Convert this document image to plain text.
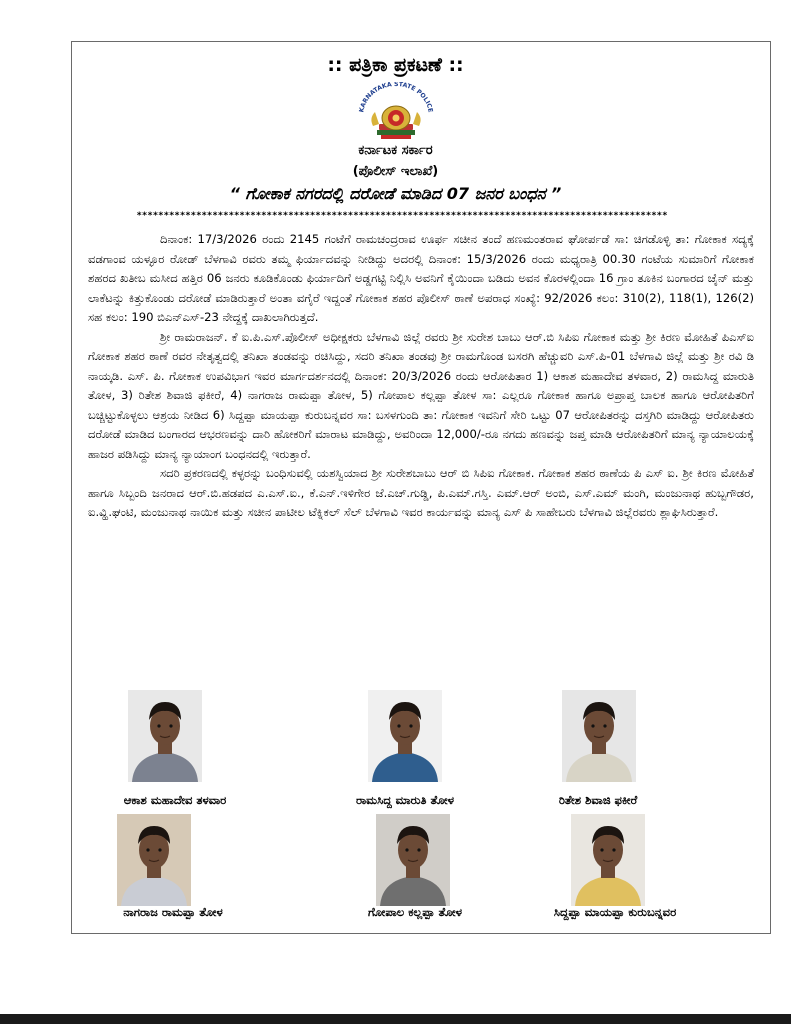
:: ಪತ್ರಿಕಾ ಪ್ರಕಟಣೆ ::
KARNATAKA STATE POLICE
ಕರ್ನಾಟಕ ಸರ್ಕಾರ
(ಪೊಲೀಸ್ ಇಲಾಖೆ)
“ ಗೋಕಾಕ ನಗರದಲ್ಲಿ ದರೋಡೆ ಮಾಡಿದ 07 ಜನರ ಬಂಧನ ”
**************************************************************************************************

ದಿನಾಂಕ: 17/3/2026 ರಂದು 2145 ಗಂಟೆಗೆ ರಾಮಚಂದ್ರರಾವ ಊರ್ಫ ಸಚೀನ ತಂದೆ ಹಣಮಂತರಾವ ಘೋರ್ಪಡೆ ಸಾ: ಚಿಗಡೊಳ್ಳಿ ತಾ: ಗೋಕಾಕ ಸದ್ಯಕ್ಕೆ ವಡಗಾಂವ ಯಳ್ಳೂರ ರೋಡ್ ಬೆಳಗಾವಿ ರವರು ತಮ್ಮ ಫಿರ್ಯಾದವನ್ನು ನೀಡಿದ್ದು ಅದರಲ್ಲಿ ದಿನಾಂಕ: 15/3/2026 ರಂದು ಮಧ್ಯರಾತ್ರಿ 00.30 ಗಂಟೆಯ ಸುಮಾರಿಗೆ ಗೋಕಾಕ ಶಹರದ ಖತೀಬ ಮಸೀದ ಹತ್ತಿರ 06 ಜನರು ಕೂಡಿಕೊಂಡು ಫಿರ್ಯಾದಿಗೆ ಅಡ್ಡಗಟ್ಟಿ ನಿಲ್ಲಿಸಿ ಅವನಿಗೆ ಕೈಯಿಂದಾ ಬಡಿದು ಅವನ ಕೊರಳಲ್ಲಿಂದಾ 16 ಗ್ರಾಂ ತೂಕಿನ ಬಂಗಾರದ ಚೈನ್ ಮತ್ತು ಲಾಕೆಟನ್ನು ಕಿತ್ತುಕೊಂಡು ದರೋಡೆ ಮಾಡಿರುತ್ತಾರೆ ಅಂತಾ ವಗೈರೆ ಇದ್ದಂತೆ ಗೋಕಾಕ ಶಹರ ಪೊಲೀಸ್ ಠಾಣೆ ಅಪರಾಧ ಸಂಖ್ಯೆ: 92/2026 ಕಲಂ: 310(2), 118(1), 126(2) ಸಹ ಕಲಂ: 190 ಬಿಎನ್‌ಎಸ್-23 ನೇದ್ದಕ್ಕೆ ದಾಖಲಾಗಿರುತ್ತದೆ.

ಶ್ರೀ ರಾಮರಾಜನ್. ಕೆ ಐ.ಪಿ.ಎಸ್.ಪೊಲೀಸ್ ಅಧೀಕ್ಷಕರು ಬೆಳಗಾವಿ ಜಿಲ್ಲೆ ರವರು ಶ್ರೀ ಸುರೇಶ ಬಾಬು ಆರ್.ಬಿ ಸಿಪಿಐ ಗೋಕಾಕ ಮತ್ತು ಶ್ರೀ ಕಿರಣ ಮೋಹಿತೆ ಪಿಎಸ್‌ಐ ಗೋಕಾಕ ಶಹರ ಠಾಣೆ ರವರ ನೇತೃತ್ವದಲ್ಲಿ ತನಿಖಾ ತಂಡವನ್ನು ರಚಿಸಿದ್ದು, ಸದರಿ ತನಿಖಾ ತಂಡವು ಶ್ರೀ ರಾಮಗೊಂಡ ಬಸರಗಿ ಹೆಚ್ಚುವರಿ ಎಸ್.ಪಿ-01 ಬೆಳಗಾವಿ ಜಿಲ್ಲೆ ಮತ್ತು ಶ್ರೀ ರವಿ ಡಿ ನಾಯ್ಕಡಿ. ಎಸ್. ಪಿ. ಗೋಕಾಕ ಉಪವಿಭಾಗ ಇವರ ಮಾರ್ಗದರ್ಶನದಲ್ಲಿ ದಿನಾಂಕ: 20/3/2026 ರಂದು ಆರೋಪಿತಾರ 1) ಆಕಾಶ ಮಹಾದೇವ ತಳವಾರ, 2) ರಾಮಸಿದ್ದ ಮಾರುತಿ ತೋಳ, 3) ರಿತೇಶ ಶಿವಾಜಿ ಫಕೀರೆ, 4) ನಾಗರಾಜ ರಾಮಪ್ಪಾ ತೋಳ, 5) ಗೋಪಾಲ ಕಲ್ಲಪ್ಪಾ ತೋಳ ಸಾ: ಎಲ್ಲರೂ ಗೋಕಾಕ ಹಾಗೂ ಅಪ್ರಾಪ್ತ ಬಾಲಕ ಹಾಗೂ ಆರೋಪಿತರಿಗೆ ಬಚ್ಚಿಟ್ಟುಕೊಳ್ಳಲು ಆಶ್ರಯ ನೀಡಿದ 6) ಸಿದ್ದಪ್ಪಾ ಮಾಯಪ್ಪಾ ಕುರುಬನ್ನವರ ಸಾ: ಬಸಳಗುಂದಿ ತಾ: ಗೋಕಾಕ ಇವನಿಗೆ ಸೇರಿ ಒಟ್ಟು 07 ಆರೋಪಿತರನ್ನು ದಸ್ತಗಿರಿ ಮಾಡಿದ್ದು ಆರೋಪಿತರು ದರೋಡೆ ಮಾಡಿದ ಬಂಗಾರದ ಆಭರಣವನ್ನು ದಾರಿ ಹೋಕರಿಗೆ ಮಾರಾಟ ಮಾಡಿದ್ದು, ಅವರಿಂದಾ 12,000/-ರೂ ನಗದು ಹಣವನ್ನು ಜಪ್ತ ಮಾಡಿ ಆರೋಪಿತರಿಗೆ ಮಾನ್ಯ ನ್ಯಾಯಾಲಯಕ್ಕೆ ಹಾಜರ ಪಡಿಸಿದ್ದು ಮಾನ್ಯ ನ್ಯಾಯಾಂಗ ಬಂಧನದಲ್ಲಿ ಇರುತ್ತಾರೆ.

ಸದರಿ ಪ್ರಕರಣದಲ್ಲಿ ಕಳ್ಳರನ್ನು ಬಂಧಿಸುವಲ್ಲಿ ಯಶಸ್ವಿಯಾದ ಶ್ರೀ ಸುರೇಶಬಾಬು ಆರ್ ಬಿ ಸಿಪಿಐ ಗೋಕಾಕ. ಗೋಕಾಕ ಶಹರ ಠಾಣೆಯ ಪಿ ಎಸ್ ಐ. ಶ್ರೀ ಕಿರಣ ಮೋಹಿತೆ ಹಾಗೂ ಸಿಬ್ಬಂದಿ ಜನರಾದ ಆರ್.ಬಿ.ಹಡಪದ ಎ.ಎಸ್.ಐ., ಕೆ.ಎನ್.ಇಳಿಗೇರ ಜೆ.ಎಚ್.ಗುಡ್ಡಿ, ಪಿ.ಎಮ್.ಗಸ್ತಿ. ಎಮ್.ಆರ್ ಅಂಬಿ, ಎಸ್.ಎಮ್ ಮಂಗಿ, ಮಂಜುನಾಥ ಹುಬ್ಬಗೌಡರ, ಐ.ವ್ಹಿ.ಘಂಟಿ, ಮಂಜುನಾಥ ನಾಯಿಕ ಮತ್ತು ಸಚೀನ ಪಾಟೀಲ ಟೆಕ್ನಿಕಲ್ ಸೆಲ್ ಬೆಳಗಾವಿ ಇವರ ಕಾರ್ಯವನ್ನು ಮಾನ್ಯ ಎಸ್ ಪಿ ಸಾಹೇಬರು ಬೆಳಗಾವಿ ಜಿಲ್ಲೆರವರು ಶ್ಲಾಘಿಸಿರುತ್ತಾರೆ.

ಆಕಾಶ ಮಹಾದೇವ ತಳವಾರ	ರಾಮಸಿದ್ದ ಮಾರುತಿ ತೋಳ	ರಿತೇಶ ಶಿವಾಜಿ ಫಕೀರೆ
ನಾಗರಾಜ ರಾಮಪ್ಪಾ ತೋಳ	ಗೋಪಾಲ ಕಲ್ಲಪ್ಪಾ ತೋಳ	ಸಿದ್ದಪ್ಪಾ ಮಾಯಪ್ಪಾ ಕುರುಬನ್ನವರ
